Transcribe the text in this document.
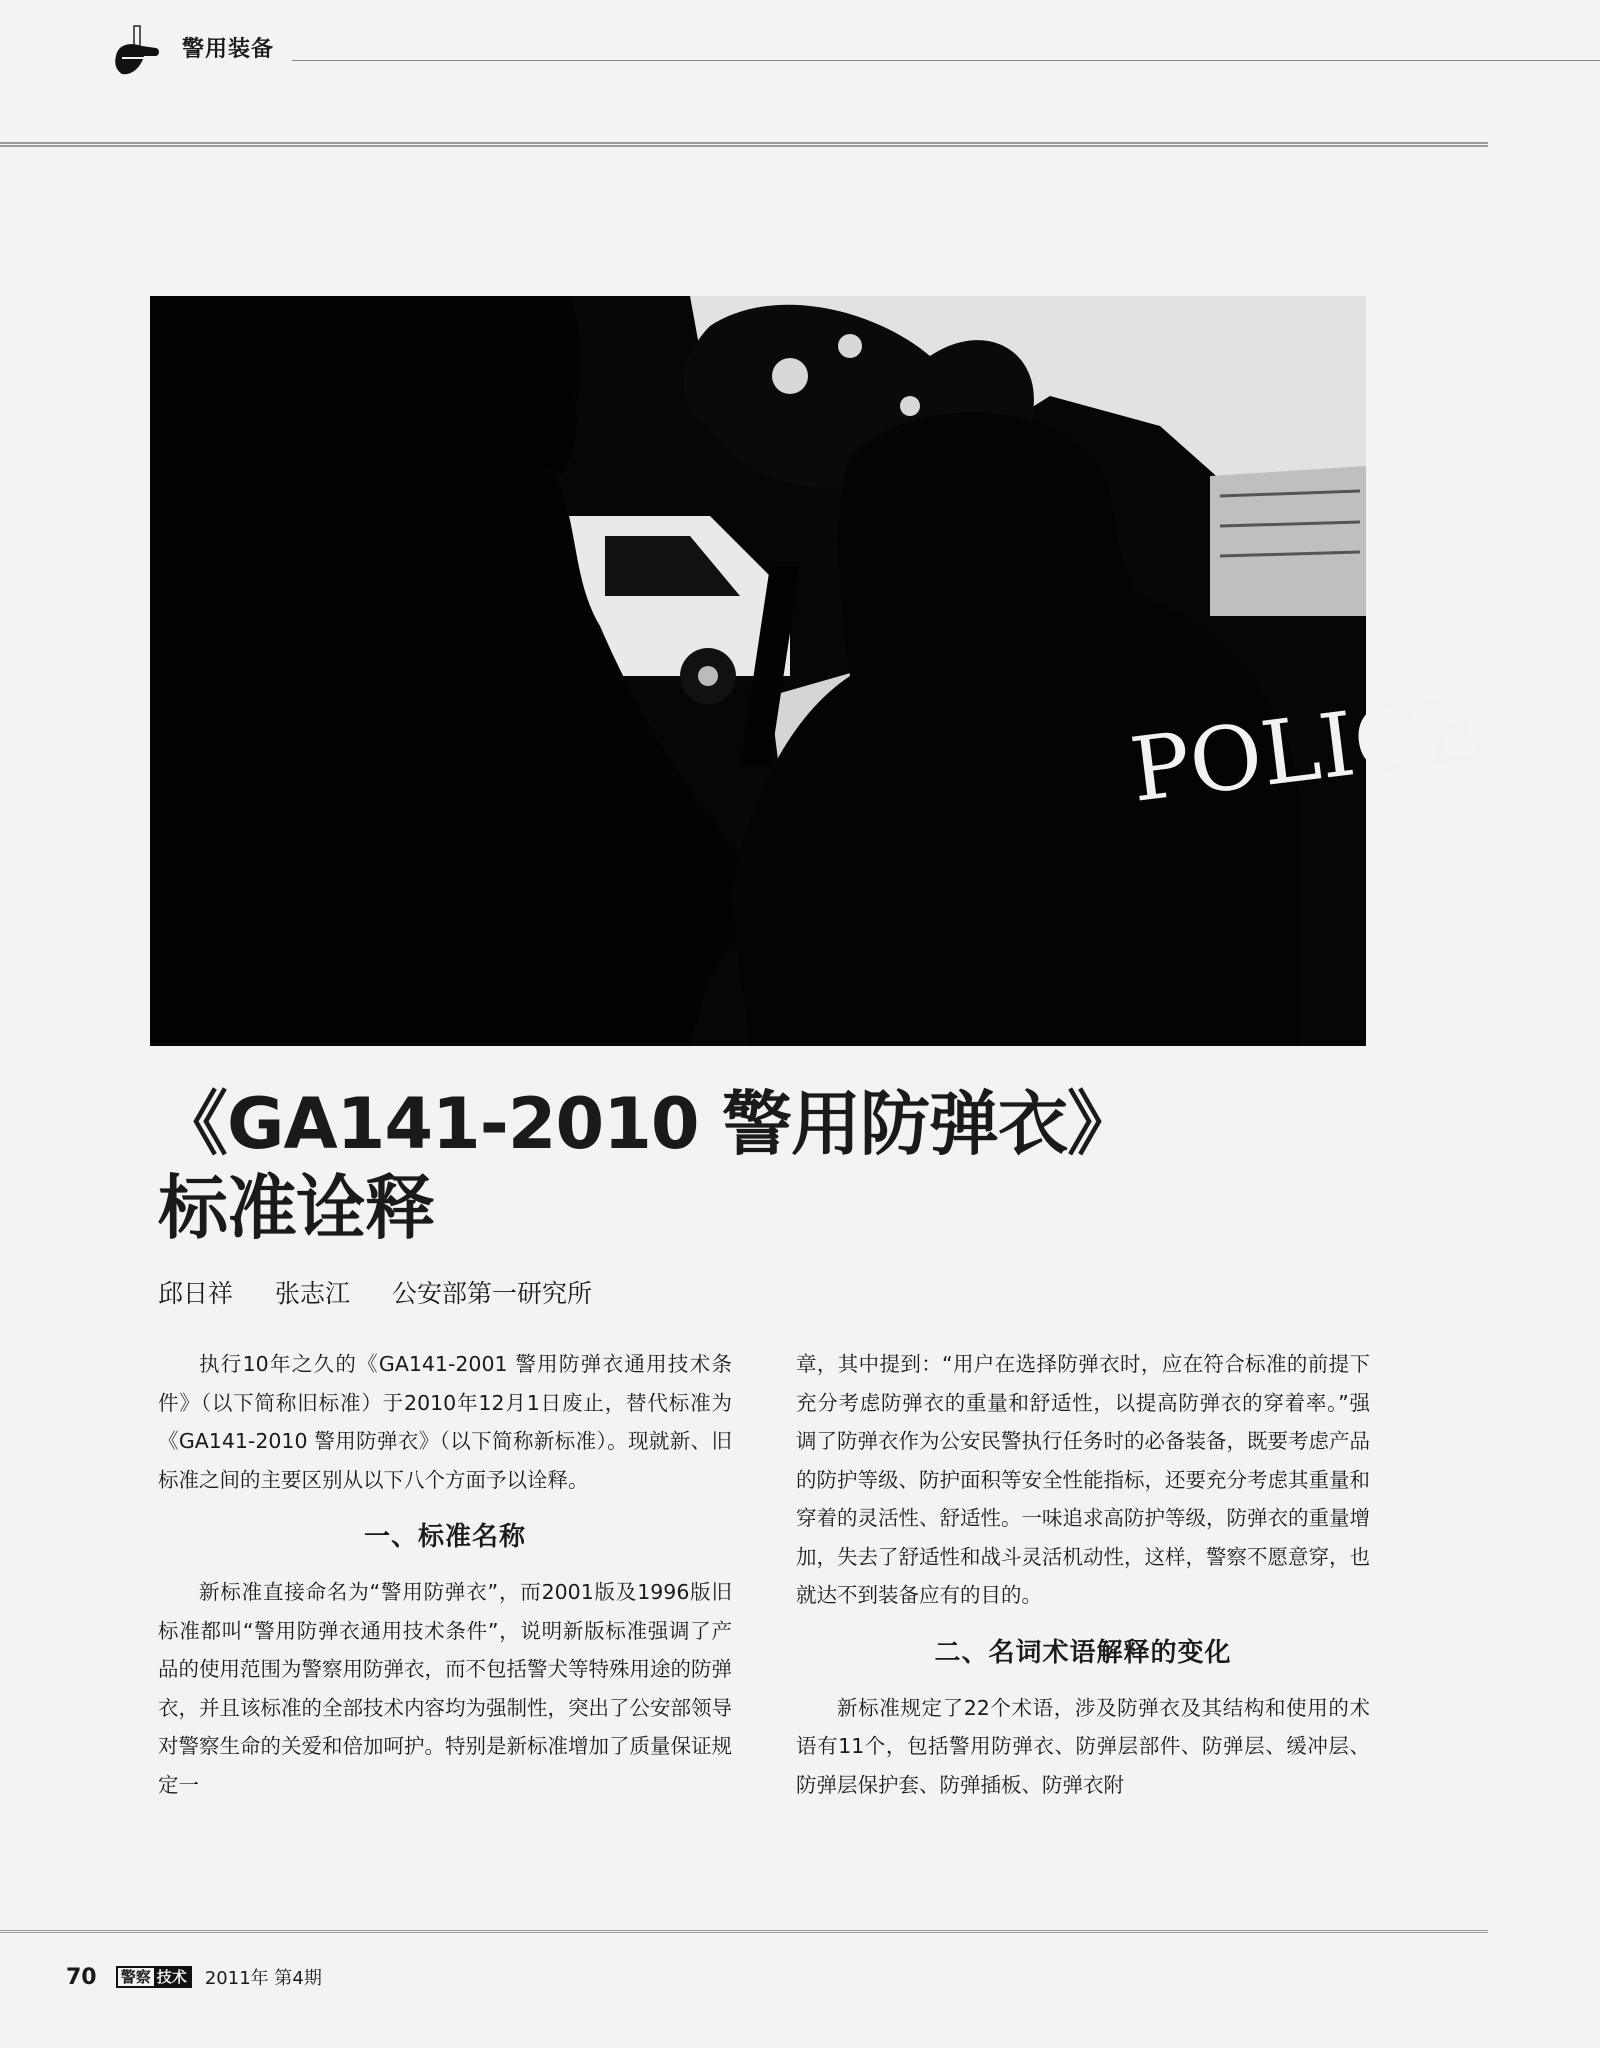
警用装备
POLICE
《GA141-2010 警用防弹衣》
标准诠释
邱日祥 张志江 公安部第一研究所

执行10年之久的《GA141-2001 警用防弹衣通用技术条件》（以下简称旧标准）于2010年12月1日废止，替代标准为《GA141-2010 警用防弹衣》（以下简称新标准）。现就新、旧标准之间的主要区别从以下八个方面予以诠释。

一、标准名称

新标准直接命名为“警用防弹衣”，而2001版及1996版旧标准都叫“警用防弹衣通用技术条件”，说明新版标准强调了产品的使用范围为警察用防弹衣，而不包括警犬等特殊用途的防弹衣，并且该标准的全部技术内容均为强制性，突出了公安部领导对警察生命的关爱和倍加呵护。特别是新标准增加了质量保证规定一

章，其中提到：“用户在选择防弹衣时，应在符合标准的前提下充分考虑防弹衣的重量和舒适性，以提高防弹衣的穿着率。”强调了防弹衣作为公安民警执行任务时的必备装备，既要考虑产品的防护等级、防护面积等安全性能指标，还要充分考虑其重量和穿着的灵活性、舒适性。一味追求高防护等级，防弹衣的重量增加，失去了舒适性和战斗灵活机动性，这样，警察不愿意穿，也就达不到装备应有的目的。

二、名词术语解释的变化

新标准规定了22个术语，涉及防弹衣及其结构和使用的术语有11个，包括警用防弹衣、防弹层部件、防弹层、缓冲层、防弹层保护套、防弹插板、防弹衣附

70 警察 技术 2011年 第4期
